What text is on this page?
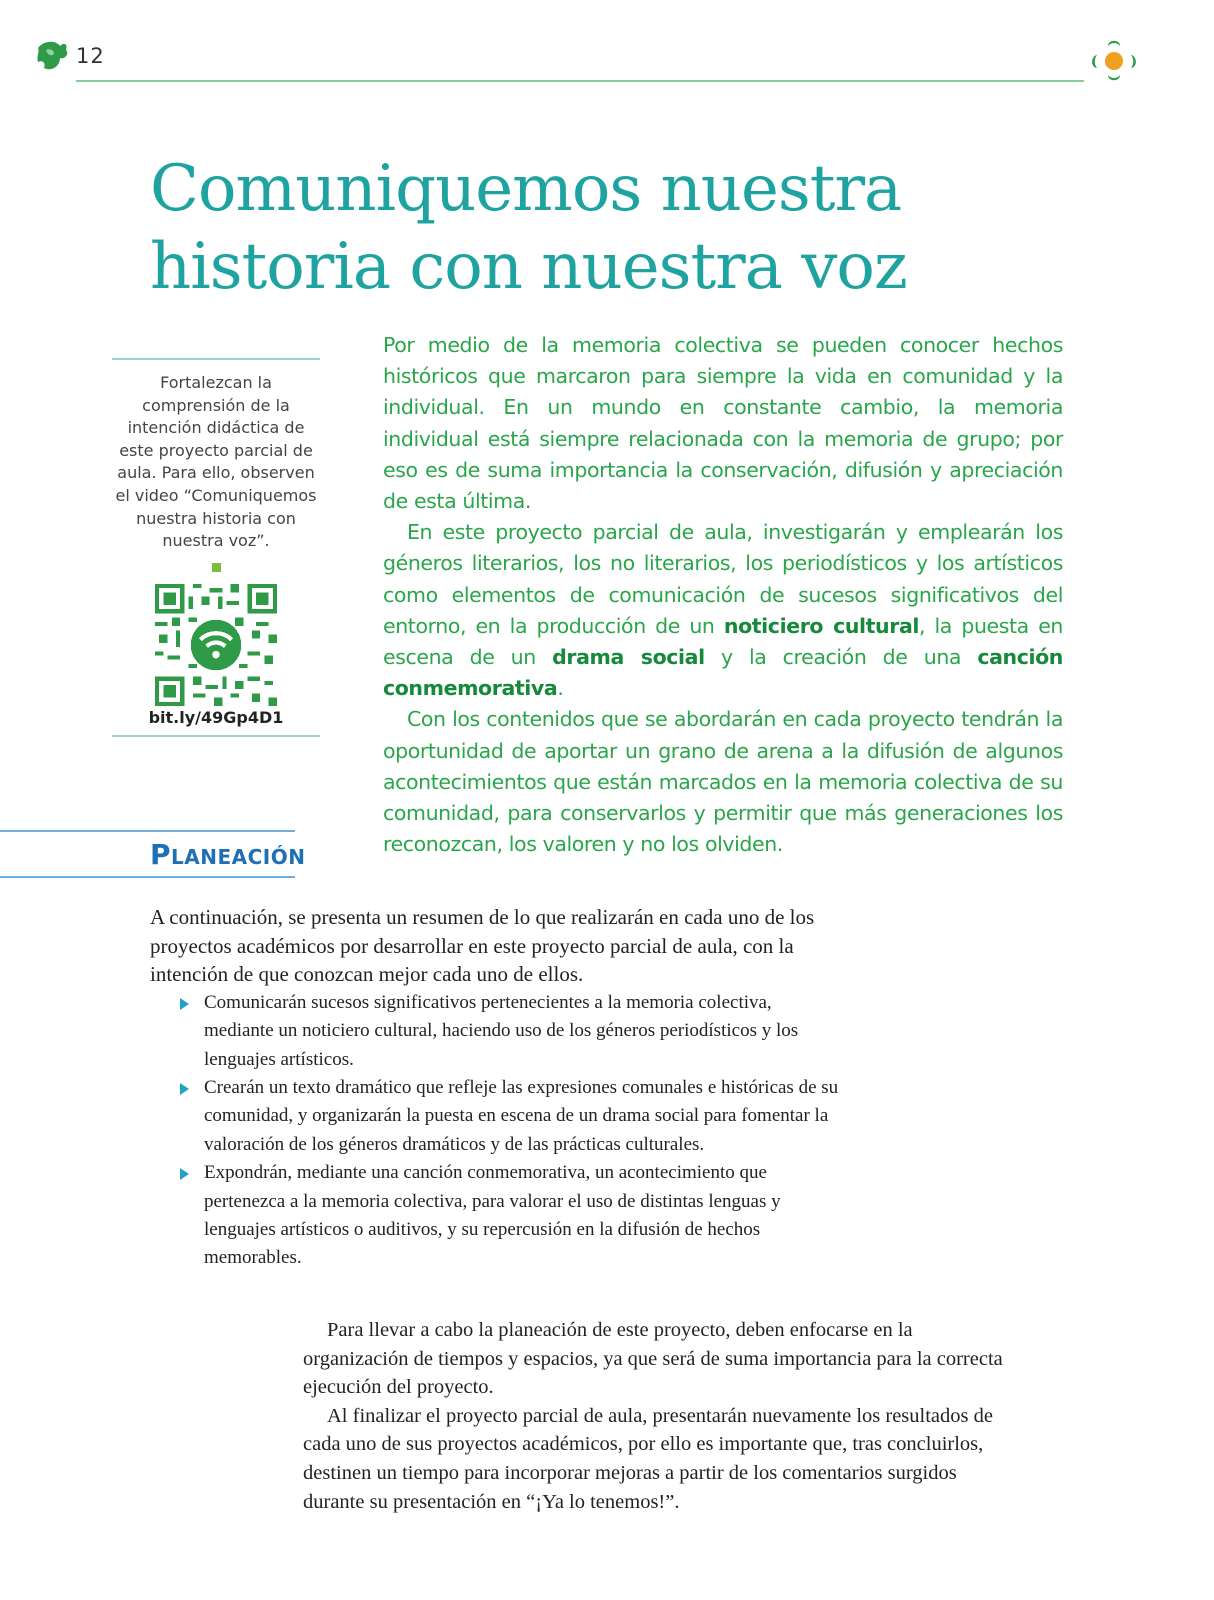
12
Comuniquemos nuestra
historia con nuestra voz
Fortalezcan la comprensión de la intención didáctica de este proyecto parcial de aula. Para ello, observen el video “Comuniquemos nuestra historia con nuestra voz”.
bit.ly/49Gp4D1

Por medio de la memoria colectiva se pueden conocer hechos históricos que marcaron para siempre la vida en comunidad y la individual. En un mundo en constante cambio, la memoria individual está siempre relacionada con la memoria de grupo; por eso es de suma importancia la conservación, difusión y apreciación de esta última.

En este proyecto parcial de aula, investigarán y emplearán los géneros literarios, los no literarios, los periodísticos y los artísticos como elementos de comunicación de sucesos significativos del entorno, en la producción de un noticiero cultural, la puesta en escena de un drama social y la creación de una canción conmemorativa.

Con los contenidos que se abordarán en cada proyecto tendrán la oportunidad de aportar un grano de arena a la difusión de algunos acontecimientos que están marcados en la memoria colectiva de su comunidad, para conservarlos y permitir que más generaciones los reconozcan, los valoren y no los olviden.

Planeación

A continuación, se presenta un resumen de lo que realizarán en cada uno de los proyectos académicos por desarrollar en este proyecto parcial de aula, con la intención de que conozcan mejor cada uno de ellos.

Comunicarán sucesos significativos pertenecientes a la memoria colectiva, mediante un noticiero cultural, haciendo uso de los géneros periodísticos y los lenguajes artísticos.
Crearán un texto dramático que refleje las expresiones comunales e históricas de su comunidad, y organizarán la puesta en escena de un drama social para fomentar la valoración de los géneros dramáticos y de las prácticas culturales.
Expondrán, mediante una canción conmemorativa, un acontecimiento que pertenezca a la memoria colectiva, para valorar el uso de distintas lenguas y lenguajes artísticos o auditivos, y su repercusión en la difusión de hechos memorables.

Para llevar a cabo la planeación de este proyecto, deben enfocarse en la organización de tiempos y espacios, ya que será de suma importancia para la correcta ejecución del proyecto.

Al finalizar el proyecto parcial de aula, presentarán nuevamente los resultados de cada uno de sus proyectos académicos, por ello es importante que, tras concluirlos, destinen un tiempo para incorporar mejoras a partir de los comentarios surgidos durante su presentación en “¡Ya lo tenemos!”.
